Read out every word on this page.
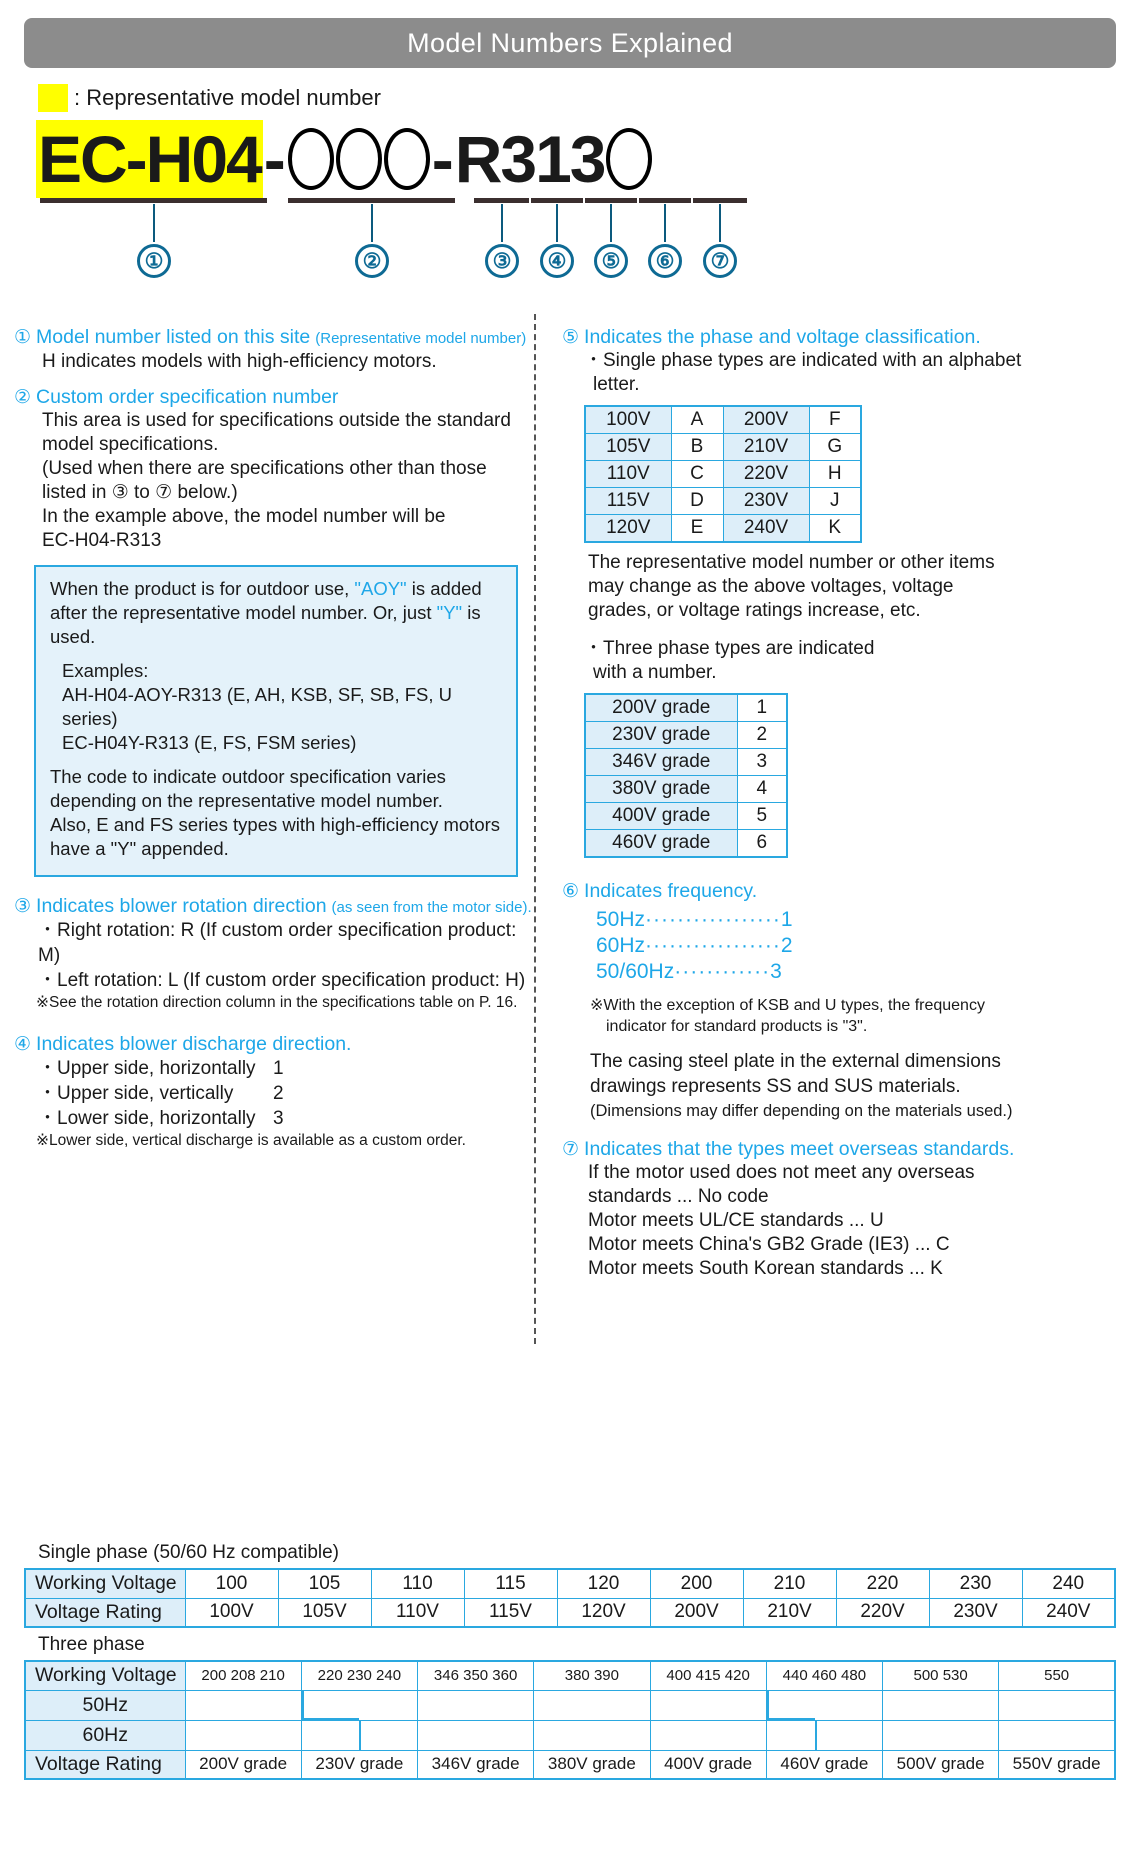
Model Numbers Explained
: Representative model number
EC-H04 - - R313
①	②	③	④	⑤	⑥	⑦
① Model number listed on this site (Representative model number)
H indicates models with high-efficiency motors.
② Custom order specification number
This area is used for specifications outside the standard
model specifications.
(Used when there are specifications other than those
listed in ③ to ⑦ below.)
In the example above, the model number will be
EC-H04-R313

When the product is for outdoor use, "AOY" is added

after the representative model number. Or, just "Y" is used.

Examples:

AH-H04-AOY-R313 (E, AH, KSB, SF, SB, FS, U series)

EC-H04Y-R313 (E, FS, FSM series)

The code to indicate outdoor specification varies

depending on the representative model number.

Also, E and FS series types with high-efficiency motors

have a "Y" appended.

③ Indicates blower rotation direction (as seen from the motor side).
・Right rotation: R (If custom order specification product: M)
・Left rotation: L (If custom order specification product: H)
※See the rotation direction column in the specifications table on P. 16.
④ Indicates blower discharge direction.
・Upper side, horizontally 1
・Upper side, vertically	2
・Lower side, horizontally 3
※Lower side, vertical discharge is available as a custom order.
⑤ Indicates the phase and voltage classification.
・Single phase types are indicated with an alphabet
letter.
100V	A	200V	F
105V	B	210V	G
110V	C	220V	H
115V	D	230V	J
120V	E	240V	K
The representative model number or other items
may change as the above voltages, voltage
grades, or voltage ratings increase, etc.
・Three phase types are indicated
with a number.
200V grade	1
230V grade	2
346V grade	3
380V grade	4
400V grade	5
460V grade	6
⑥ Indicates frequency.
50Hz ················· 1
60Hz ················· 2
50/60Hz ············ 3
※With the exception of KSB and U types, the frequency
indicator for standard products is "3".
The casing steel plate in the external dimensions
drawings represents SS and SUS materials.
(Dimensions may differ depending on the materials used.)
⑦ Indicates that the types meet overseas standards.
If the motor used does not meet any overseas
standards ... No code
Motor meets UL/CE standards ... U
Motor meets China's GB2 Grade (IE3) ... C
Motor meets South Korean standards ... K
Single phase (50/60 Hz compatible)
Working Voltage	100	105	110	115	120	200	210	220	230	240
Voltage Rating	100V	105V	110V	115V	120V	200V	210V	220V	230V	240V
Three phase
Working Voltage	200 208 210	220 230 240	346 350 360	380 390	400 415 420	440 460 480	500 530	550
50Hz		

60Hz		

Voltage Rating	200V grade	230V grade	346V grade	380V grade	400V grade	460V grade	500V grade	550V grade
